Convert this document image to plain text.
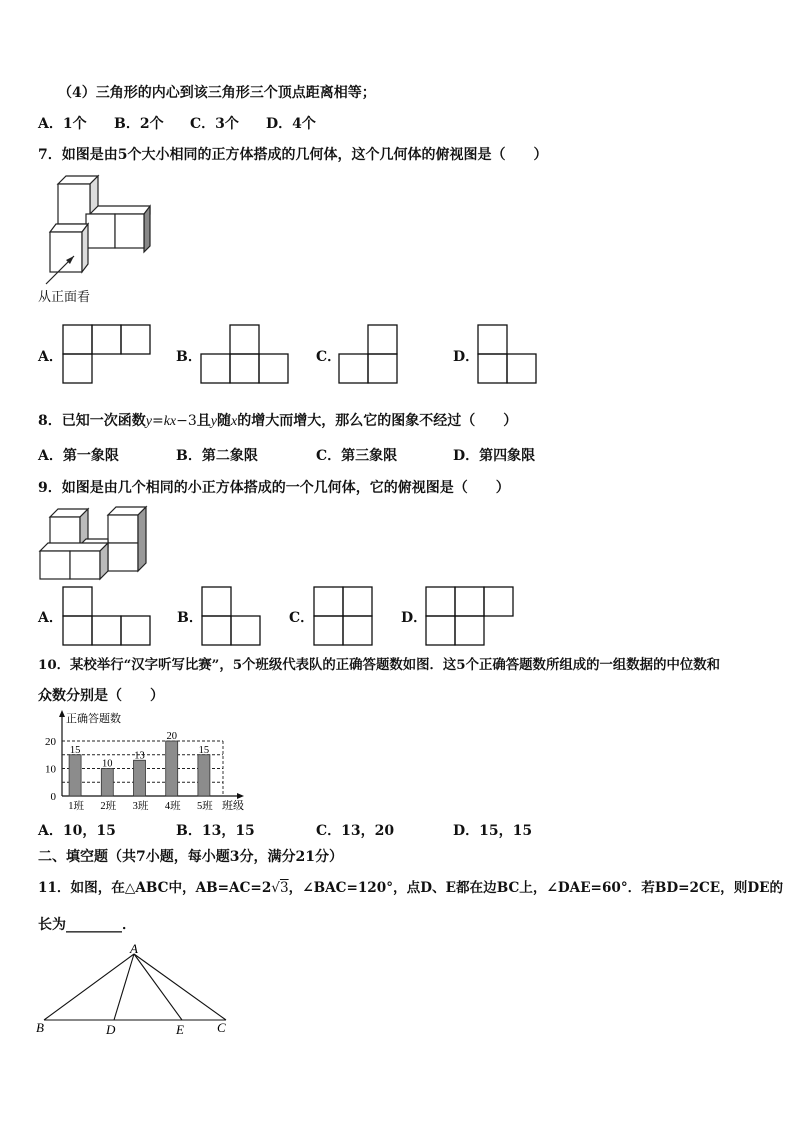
（4）三角形的内心到该三角形三个顶点距离相等；
A．1个 B．2个 C．3个 D．4个
7．如图是由5个大小相同的正方体搭成的几何体，这个几何体的俯视图是（　　）
从正面看
A．	B．	C．	D．
8．已知一次函数y=kx−3且y随x的增大而增大，那么它的图象不经过（　　）
A．第一象限	B．第二象限	C．第三象限	D．第四象限
9．如图是由几个相同的小正方体搭成的一个几何体，它的俯视图是（　　）
A．	B．	C．	D．
10．某校举行“汉字听写比赛”，5个班级代表队的正确答题数如图．这5个正确答题数所组成的一组数据的中位数和
众数分别是（　　）
正确答题数
班级
15
10
13
20
15
0
10
20
1班 2班 3班 4班 5班
A．10，15	B．13，15	C．13，20	D．15，15
二、填空题（共7小题，每小题3分，满分21分）
11．如图，在△ABC中，AB=AC=2√3，∠BAC=120°，点D、E都在边BC上，∠DAE=60°．若BD=2CE，则DE的
长为________．
A
B	D	E	C
